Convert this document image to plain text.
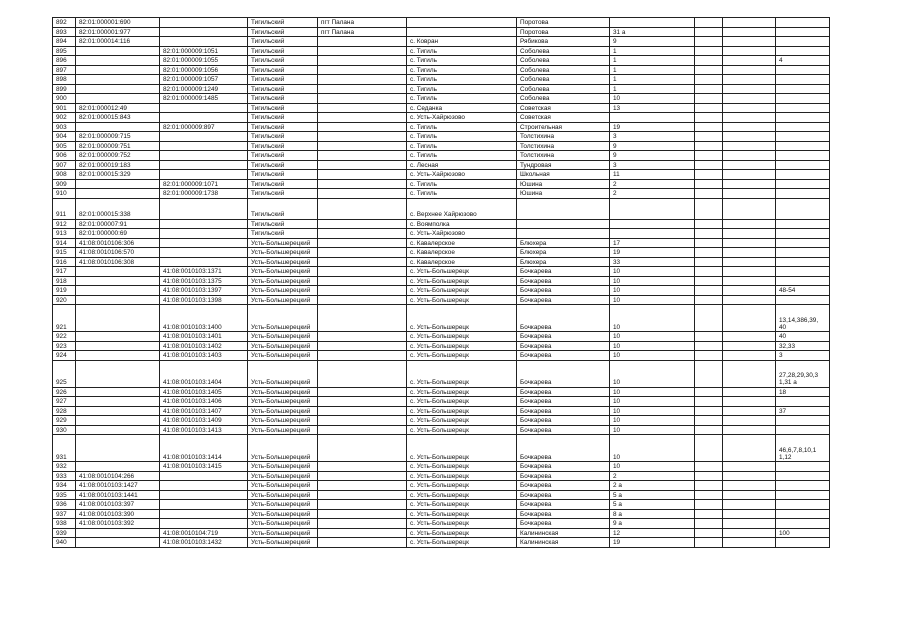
892	82:01:000001:690		Тигильский	пгт Палана		Поротова				
893	82:01:000001:977		Тигильский	пгт Палана		Поротова	31 а			
894	82:01:000014:116		Тигильский		с. Ковран	Рябикова	9			
895		82:01:000009:1051	Тигильский		с. Тигиль	Соболева	1			
896		82:01:000009:1055	Тигильский		с. Тигиль	Соболева	1			4
897		82:01:000009:1056	Тигильский		с. Тигиль	Соболева	1			
898		82:01:000009:1057	Тигильский		с. Тигиль	Соболева	1			
899		82:01:000009:1249	Тигильский		с. Тигиль	Соболева	1			
900		82:01:000009:1485	Тигильский		с. Тигиль	Соболева	10			
901	82:01:000012:49		Тигильский		с. Седанка	Советская	13			
902	82:01:000015:843		Тигильский		с. Усть-Хайрюзово	Советская				
903		82:01:000009:897	Тигильский		с. Тигиль	Строительная	19			
904	82:01:000009:715		Тигильский		с. Тигиль	Толстихина	3			
905	82:01:000009:751		Тигильский		с. Тигиль	Толстихина	9			
906	82:01:000009:752		Тигильский		с. Тигиль	Толстихина	9			
907	82:01:000019:183		Тигильский		с. Лесная	Тундровая	3			
908	82:01:000015:329		Тигильский		с. Усть-Хайрюзово	Школьная	11			
909		82:01:000009:1071	Тигильский		с. Тигиль	Юшина	2			
910		82:01:000009:1738	Тигильский		с. Тигиль	Юшина	2			
911	82:01:000015:338		Тигильский		с. Верхнее Хайрюзово					
912	82:01:000007:91		Тигильский		с. Воямполка					
913	82:01:000000:69		Тигильский		с. Усть-Хайрюзово					
914	41:08:0010106:306		Усть-Большерецкий		с. Кавалерское	Блюхера	17			
915	41:08:0010106:570		Усть-Большерецкий		с. Кавалерское	Блюхера	19			
916	41:08:0010106:308		Усть-Большерецкий		с. Кавалерское	Блюхера	33			
917		41:08:0010103:1371	Усть-Большерецкий		с. Усть-Большерецк	Бочкарева	10			
918		41:08:0010103:1375	Усть-Большерецкий		с. Усть-Большерецк	Бочкарева	10			
919		41:08:0010103:1397	Усть-Большерецкий		с. Усть-Большерецк	Бочкарева	10			48-54
920		41:08:0010103:1398	Усть-Большерецкий		с. Усть-Большерецк	Бочкарева	10			
921		41:08:0010103:1400	Усть-Большерецкий		с. Усть-Большерецк	Бочкарева	10			13,14,386,39, 40
922		41:08:0010103:1401	Усть-Большерецкий		с. Усть-Большерецк	Бочкарева	10			40
923		41:08:0010103:1402	Усть-Большерецкий		с. Усть-Большерецк	Бочкарева	10			32,33
924		41:08:0010103:1403	Усть-Большерецкий		с. Усть-Большерецк	Бочкарева	10			3
925		41:08:0010103:1404	Усть-Большерецкий		с. Усть-Большерецк	Бочкарева	10			27,28,29,30,3 1,31 а
926		41:08:0010103:1405	Усть-Большерецкий		с. Усть-Большерецк	Бочкарева	10			18
927		41:08:0010103:1406	Усть-Большерецкий		с. Усть-Большерецк	Бочкарева	10			
928		41:08:0010103:1407	Усть-Большерецкий		с. Усть-Большерецк	Бочкарева	10			37
929		41:08:0010103:1409	Усть-Большерецкий		с. Усть-Большерецк	Бочкарева	10			
930		41:08:0010103:1413	Усть-Большерецкий		с. Усть-Большерецк	Бочкарева	10			
931		41:08:0010103:1414	Усть-Большерецкий		с. Усть-Большерецк	Бочкарева	10			46,6,7,8,10,1 1,12
932		41:08:0010103:1415	Усть-Большерецкий		с. Усть-Большерецк	Бочкарева	10			
933	41:08:0010104:266		Усть-Большерецкий		с. Усть-Большерецк	Бочкарева	2			
934	41:08:0010103:1427		Усть-Большерецкий		с. Усть-Большерецк	Бочкарева	2 а			
935	41:08:0010103:1441		Усть-Большерецкий		с. Усть-Большерецк	Бочкарева	5 а			
936	41:08:0010103:397		Усть-Большерецкий		с. Усть-Большерецк	Бочкарева	5 а			
937	41:08:0010103:390		Усть-Большерецкий		с. Усть-Большерецк	Бочкарева	8 а			
938	41:08:0010103:392		Усть-Большерецкий		с. Усть-Большерецк	Бочкарева	9 а			
939		41:08:0010104:719	Усть-Большерецкий		с. Усть-Большерецк	Калининская	12			100
940		41:08:0010103:1432	Усть-Большерецкий		с. Усть-Большерецк	Калининская	19			
